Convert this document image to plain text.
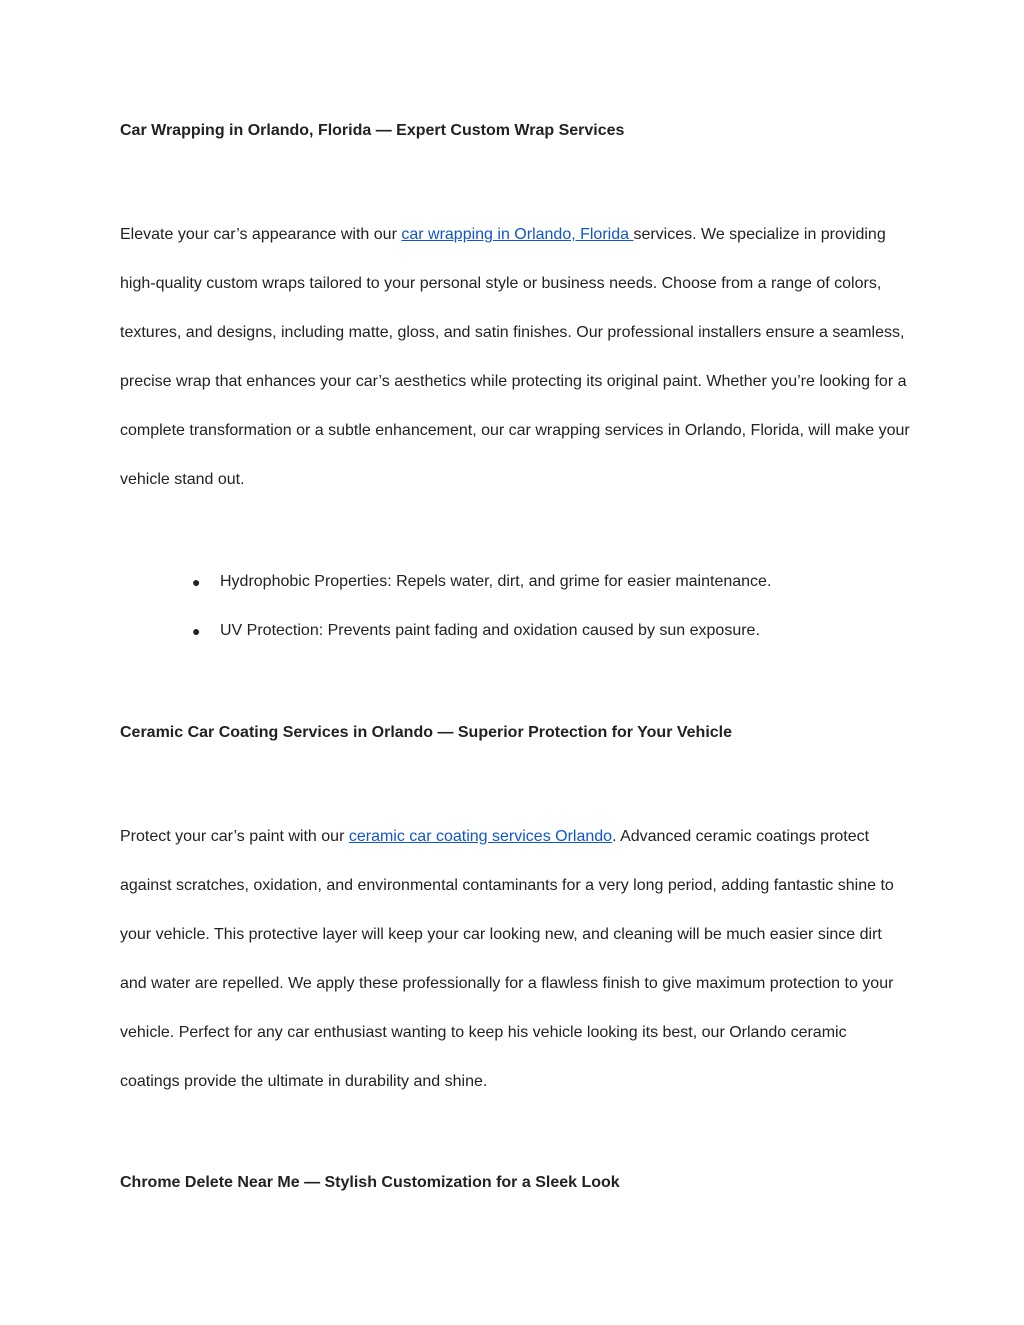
Car Wrapping in Orlando, Florida — Expert Custom Wrap Services

Elevate your car’s appearance with our car wrapping in Orlando, Florida services. We specialize in providing high-quality custom wraps tailored to your personal style or business needs. Choose from a range of colors, textures, and designs, including matte, gloss, and satin finishes. Our professional installers ensure a seamless, precise wrap that enhances your car’s aesthetics while protecting its original paint. Whether you’re looking for a complete transformation or a subtle enhancement, our car wrapping services in Orlando, Florida, will make your vehicle stand out.

● Hydrophobic Properties: Repels water, dirt, and grime for easier maintenance.
● UV Protection: Prevents paint fading and oxidation caused by sun exposure.
Ceramic Car Coating Services in Orlando — Superior Protection for Your Vehicle

Protect your car’s paint with our ceramic car coating services Orlando. Advanced ceramic coatings protect against scratches, oxidation, and environmental contaminants for a very long period, adding fantastic shine to your vehicle. This protective layer will keep your car looking new, and cleaning will be much easier since dirt and water are repelled. We apply these professionally for a flawless finish to give maximum protection to your vehicle. Perfect for any car enthusiast wanting to keep his vehicle looking its best, our Orlando ceramic coatings provide the ultimate in durability and shine.

Chrome Delete Near Me — Stylish Customization for a Sleek Look
